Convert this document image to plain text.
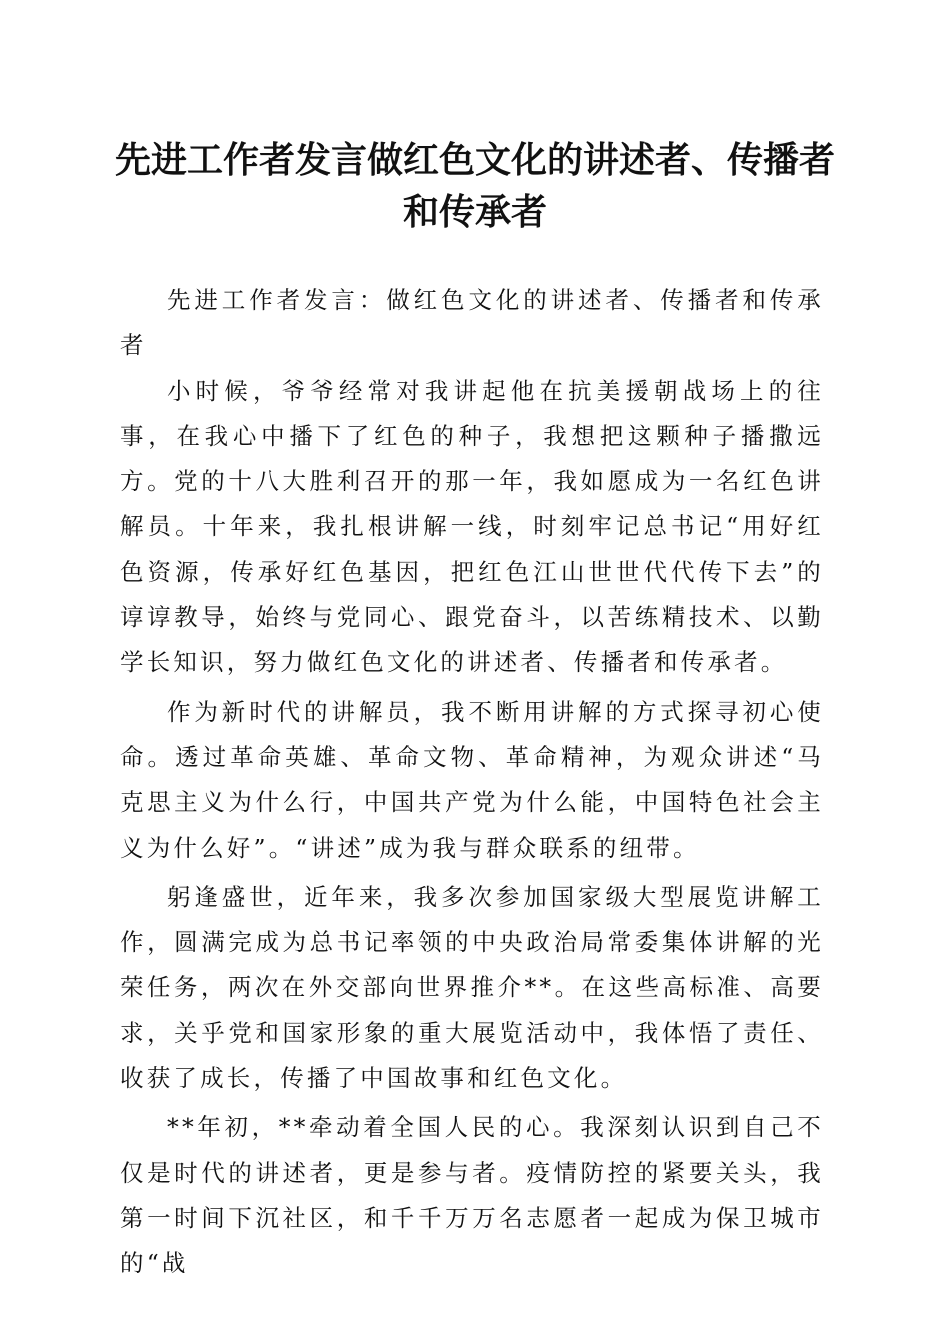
先进工作者发言做红色文化的讲述者、传播者
和传承者

先进工作者发言：做红色文化的讲述者、传播者和传承者

小时候，爷爷经常对我讲起他在抗美援朝战场上的往事，在我心中播下了红色的种子，我想把这颗种子播撒远方。党的十八大胜利召开的那一年，我如愿成为一名红色讲解员。十年来，我扎根讲解一线，时刻牢记总书记“用好红色资源，传承好红色基因，把红色江山世世代代传下去”的谆谆教导，始终与党同心、跟党奋斗，以苦练精技术、以勤学长知识，努力做红色文化的讲述者、传播者和传承者。

作为新时代的讲解员，我不断用讲解的方式探寻初心使命。透过革命英雄、革命文物、革命精神，为观众讲述“马克思主义为什么行，中国共产党为什么能，中国特色社会主义为什么好”。“讲述”成为我与群众联系的纽带。

躬逢盛世，近年来，我多次参加国家级大型展览讲解工作，圆满完成为总书记率领的中央政治局常委集体讲解的光荣任务，两次在外交部向世界推介**。在这些高标准、高要求，关乎党和国家形象的重大展览活动中，我体悟了责任、收获了成长，传播了中国故事和红色文化。

**年初，**牵动着全国人民的心。我深刻认识到自己不仅是时代的讲述者，更是参与者。疫情防控的紧要关头，我第一时间下沉社区，和千千万万名志愿者一起成为保卫城市的“战
